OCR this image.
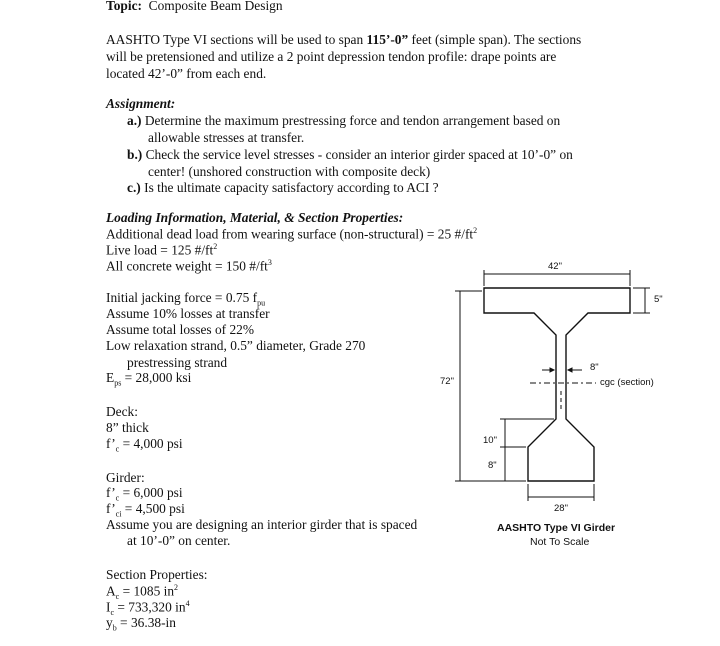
Topic: Composite Beam Design
AASHTO Type VI sections will be used to span 115’-0” feet (simple span). The sections
will be pretensioned and utilize a 2 point depression tendon profile: drape points are
located 42’-0” from each end.
Assignment:
a.) Determine the maximum prestressing force and tendon arrangement based on
allowable stresses at transfer.
b.) Check the service level stresses - consider an interior girder spaced at 10’-0” on
center! (unshored construction with composite deck)
c.) Is the ultimate capacity satisfactory according to ACI ?
Loading Information, Material, & Section Properties:
Additional dead load from wearing surface (non-structural) = 25 $\#/ft^2$
Live load = 125 $\#/ft^2$
All concrete weight = 150 $\#/ft^3$
Initial jacking force = 0.75 $f_{pu}$
Assume 10% losses at transfer
Assume total losses of 22%
Low relaxation strand, 0.5” diameter, Grade 270
prestressing strand
$E_{ps} = 28,000$ ksi
Deck:
8” thick
$f’_c = 4,000$ psi
Girder:
$f’_c = 6,000$ psi
$f’_{ci} = 4,500$ psi
Assume you are designing an interior girder that is spaced
at 10’-0” on center.
Section Properties:
$A_c = 1085$ $in^2$
$I_c = 733,320$ $in^4$
$y_b = 36.38-in$
42"
5"
72"
8"
cgc (section)
10"
8"
28"
AASHTO Type VI Girder
Not To Scale
